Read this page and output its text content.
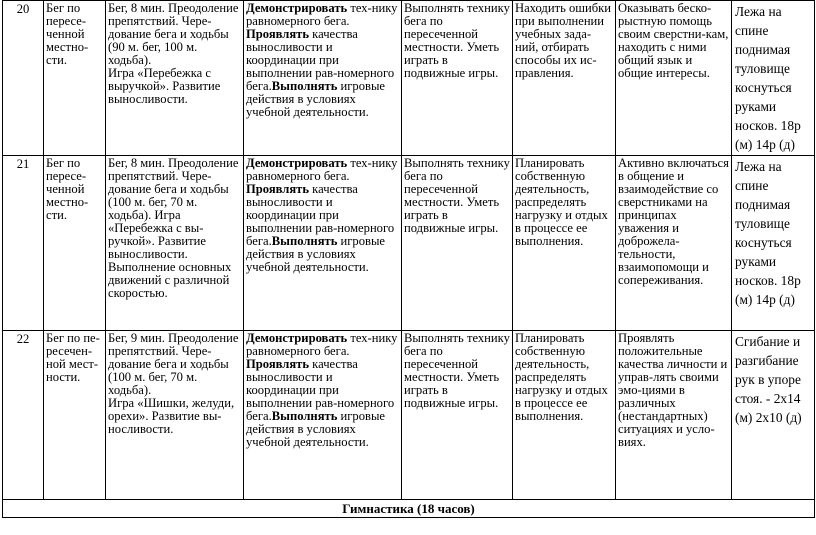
20	Бег по пересе-ченной местно-сти.	Бег, 8 мин. Преодоление препятствий. Чере-дование бега и ходьбы (90 м. бег, 100 м. ходьба).
Игра «Перебежка с выручкой». Развитие выносливости.	Демонстрировать тех-нику равномерного бега. Проявлять качества выносливости и координации при выполнении рав-номерного бега.Выполнять игровые действия в условиях учебной деятельности.	Выполнять технику бега по пересеченной местности. Уметь играть в подвижные игры.	Находить ошибки при выполнении учебных зада-ний, отбирать способы их ис-правления.	Оказывать беско-рыстную помощь своим сверстни-кам, находить с ними общий язык и общие интересы.	Лежа на спине поднимая туловище коснуться руками носков. 18р (м) 14р (д)
21	Бег по пересе-ченной местно-сти.	Бег, 8 мин. Преодоление препятствий. Чере-дование бега и ходьбы (100 м. бег, 70 м. ходьба). Игра «Перебежка с вы-ручкой». Развитие выносливости. Выполнение основных движений с различной скоростью.	Демонстрировать тех-нику равномерного бега. Проявлять качества выносливости и координации при выполнении рав-номерного бега.Выполнять игровые действия в условиях учебной деятельности.	Выполнять технику бега по пересеченной местности. Уметь играть в подвижные игры.	Планировать собственную деятельность, распределять нагрузку и отдых в процессе ее выполнения.	Активно включаться в общение и взаимодействие со сверстниками на принципах уважения и доброжела-тельности, взаимопомощи и сопереживания.	Лежа на спине поднимая туловище коснуться руками носков. 18р (м) 14р (д)
22	Бег по пе-ресечен-ной мест-ности.	Бег, 9 мин. Преодоление препятствий. Чере-дование бега и ходьбы (100 м. бег, 70 м. ходьба).
Игра «Шишки, желуди, орехи». Развитие вы-носливости.	Демонстрировать тех-нику равномерного бега. Проявлять качества выносливости и координации при выполнении рав-номерного бега.Выполнять игровые действия в условиях учебной деятельности.	Выполнять технику бега по пересеченной местности. Уметь играть в подвижные игры.	Планировать собственную деятельность, распределять нагрузку и отдых в процессе ее выполнения.	Проявлять положительные качества личности и управ-лять своими эмо-циями в различных (нестандартных) ситуациях и усло-виях.	Сгибание и разгибание рук в упоре стоя. - 2х14 (м) 2х10 (д)
Гимнастика (18 часов)							
